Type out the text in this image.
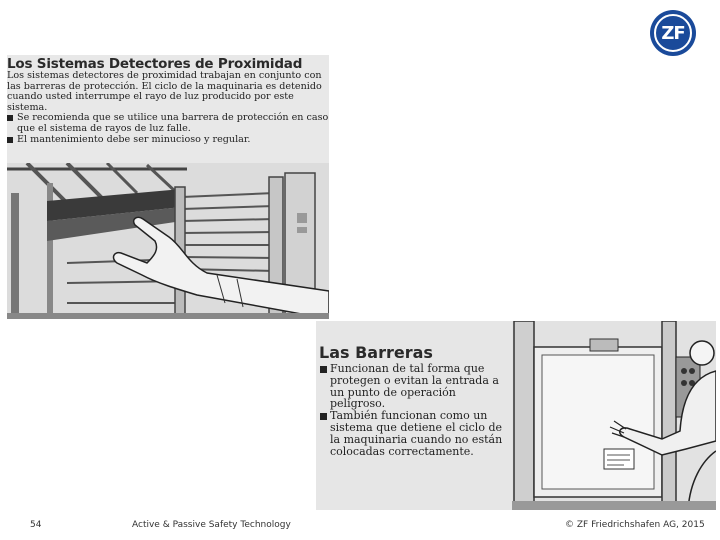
ZF
Los Sistemas Detectores de Proximidad
Los sistemas detectores de proximidad trabajan en conjunto con las barreras de protección. El ciclo de la maquinaria es detenido cuando usted interrumpe el rayo de luz producido por este sistema.
Se recomienda que se utilice una barrera de protección en caso que el sistema de rayos de luz falle.
El mantenimiento debe ser minucioso y regular.
Las Barreras
Funcionan de tal forma que protegen o evitan la entrada a un punto de operación peligroso.
También funcionan como un sistema que detiene el ciclo de la maquinaria cuando no están colocadas correctamente.
54	Active & Passive Safety Technology	© ZF Friedrichshafen AG, 2015
